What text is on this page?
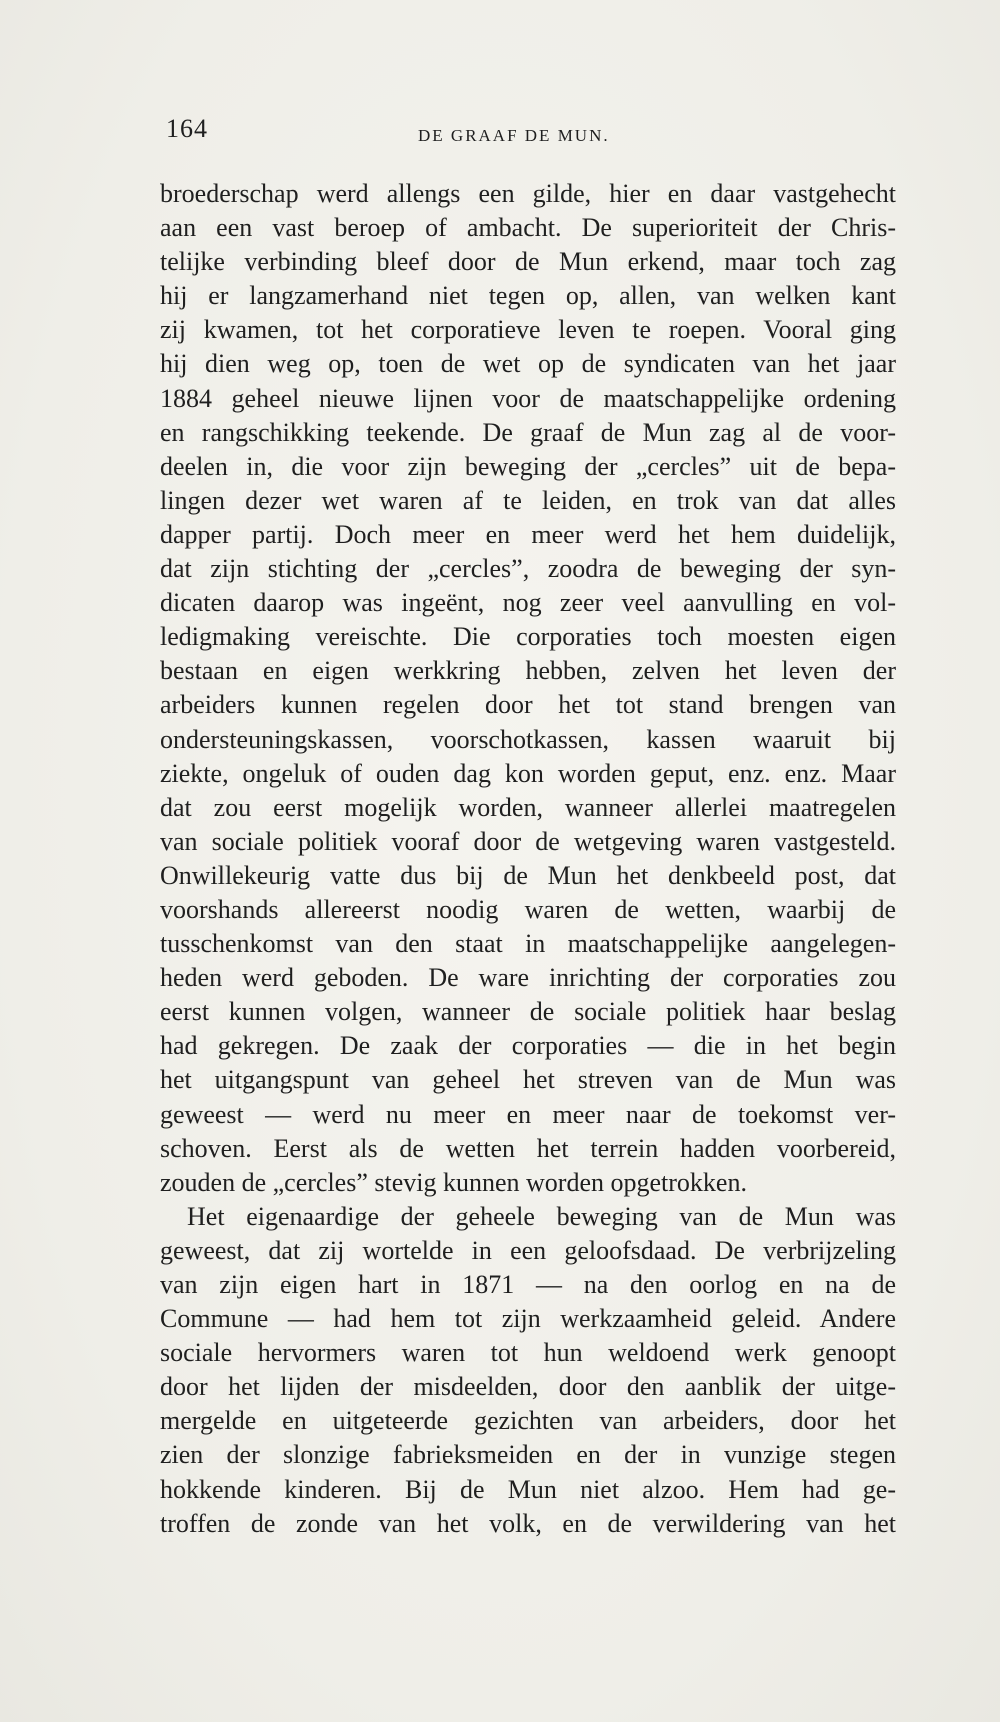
164	DE GRAAF DE MUN.
broederschap werd allengs een gilde, hier en daar vastgehecht
aan een vast beroep of ambacht. De superioriteit der Chris-
telijke verbinding bleef door de Mun erkend, maar toch zag
hij er langzamerhand niet tegen op, allen, van welken kant
zij kwamen, tot het corporatieve leven te roepen. Vooral ging
hij dien weg op, toen de wet op de syndicaten van het jaar
1884 geheel nieuwe lijnen voor de maatschappelijke ordening
en rangschikking teekende. De graaf de Mun zag al de voor-
deelen in, die voor zijn beweging der „cercles” uit de bepa-
lingen dezer wet waren af te leiden, en trok van dat alles
dapper partij. Doch meer en meer werd het hem duidelijk,
dat zijn stichting der „cercles”, zoodra de beweging der syn-
dicaten daarop was ingeënt, nog zeer veel aanvulling en vol-
ledigmaking vereischte. Die corporaties toch moesten eigen
bestaan en eigen werkkring hebben, zelven het leven der
arbeiders kunnen regelen door het tot stand brengen van
ondersteuningskassen, voorschotkassen, kassen waaruit bij
ziekte, ongeluk of ouden dag kon worden geput, enz. enz. Maar
dat zou eerst mogelijk worden, wanneer allerlei maatregelen
van sociale politiek vooraf door de wetgeving waren vastgesteld.
Onwillekeurig vatte dus bij de Mun het denkbeeld post, dat
voorshands allereerst noodig waren de wetten, waarbij de
tusschenkomst van den staat in maatschappelijke aangelegen-
heden werd geboden. De ware inrichting der corporaties zou
eerst kunnen volgen, wanneer de sociale politiek haar beslag
had gekregen. De zaak der corporaties — die in het begin
het uitgangspunt van geheel het streven van de Mun was
geweest — werd nu meer en meer naar de toekomst ver-
schoven. Eerst als de wetten het terrein hadden voorbereid,
zouden de „cercles” stevig kunnen worden opgetrokken.
Het eigenaardige der geheele beweging van de Mun was
geweest, dat zij wortelde in een geloofsdaad. De verbrijzeling
van zijn eigen hart in 1871 — na den oorlog en na de
Commune — had hem tot zijn werkzaamheid geleid. Andere
sociale hervormers waren tot hun weldoend werk genoopt
door het lijden der misdeelden, door den aanblik der uitge-
mergelde en uitgeteerde gezichten van arbeiders, door het
zien der slonzige fabrieksmeiden en der in vunzige stegen
hokkende kinderen. Bij de Mun niet alzoo. Hem had ge-
troffen de zonde van het volk, en de verwildering van het
